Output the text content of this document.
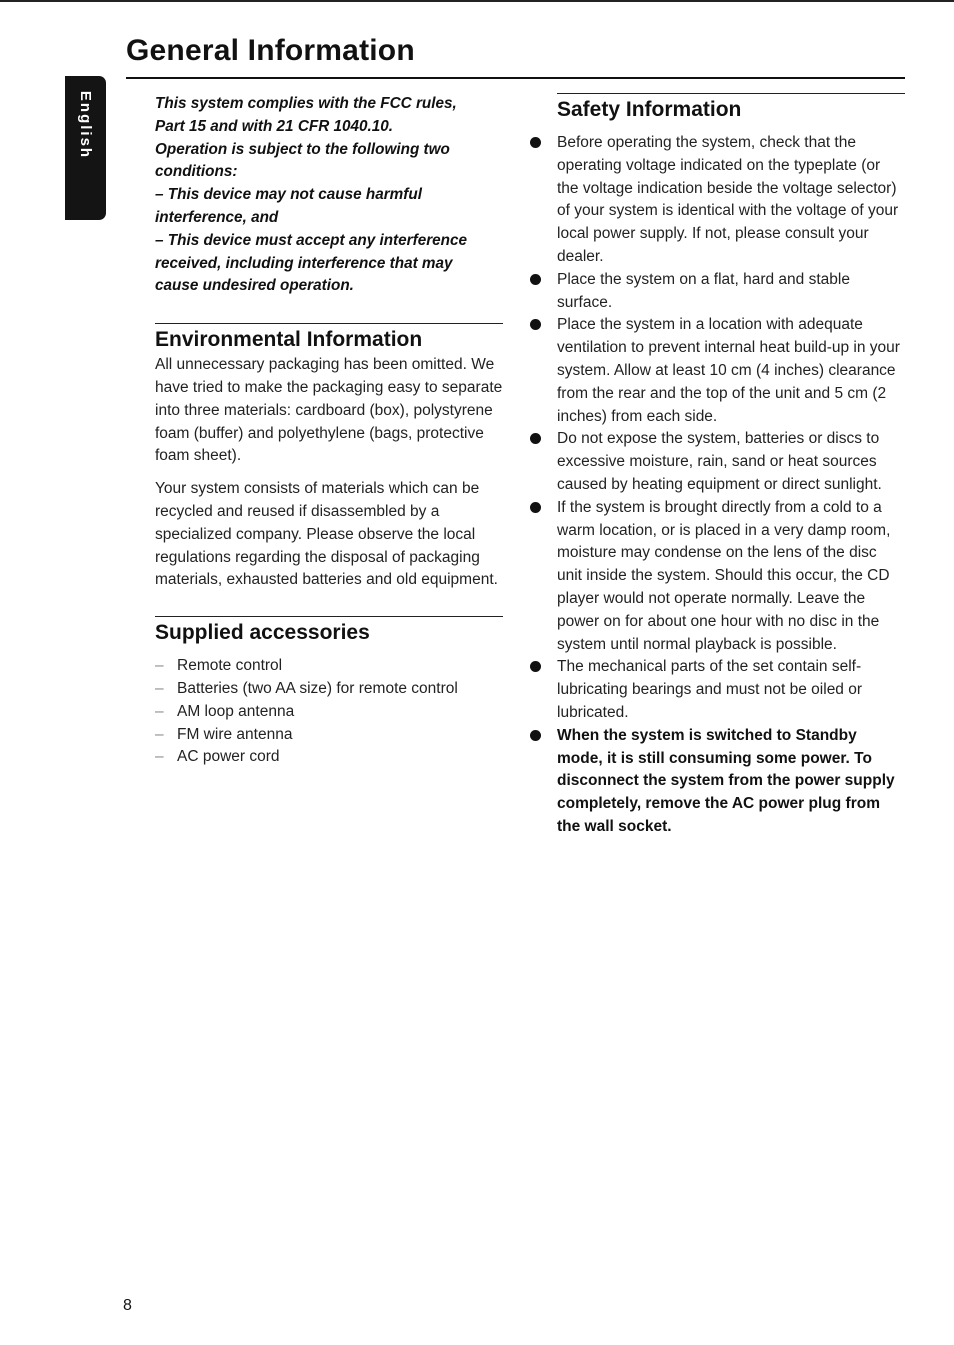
General Information
English	This system complies with the FCC rules,
Part 15 and with 21 CFR 1040.10.
Operation is subject to the following two
conditions:
– This device may not cause harmful
interference, and
– This device must accept any interference
received, including interference that may
cause undesired operation.

Environmental Information

All unnecessary packaging has been omitted. We have tried to make the packaging easy to separate into three materials: cardboard (box), polystyrene foam (buffer) and polyethylene (bags, protective foam sheet).

Your system consists of materials which can be recycled and reused if disassembled by a specialized company. Please observe the local regulations regarding the disposal of packaging materials, exhausted batteries and old equipment.

Supplied accessories
– Remote control
– Batteries (two AA size) for remote control
– AM loop antenna
– FM wire antenna
– AC power cord
Safety Information
Before operating the system, check that the operating voltage indicated on the typeplate (or the voltage indication beside the voltage selector) of your system is identical with the voltage of your local power supply. If not, please consult your dealer.
Place the system on a flat, hard and stable surface.
Place the system in a location with adequate ventilation to prevent internal heat build-up in your system. Allow at least 10 cm (4 inches) clearance from the rear and the top of the unit and 5 cm (2 inches) from each side.
Do not expose the system, batteries or discs to excessive moisture, rain, sand or heat sources caused by heating equipment or direct sunlight.
If the system is brought directly from a cold to a warm location, or is placed in a very damp room, moisture may condense on the lens of the disc unit inside the system. Should this occur, the CD player would not operate normally. Leave the power on for about one hour with no disc in the system until normal playback is possible.
The mechanical parts of the set contain self-lubricating bearings and must not be oiled or lubricated.
When the system is switched to Standby mode, it is still consuming some power. To disconnect the system from the power supply completely, remove the AC power plug from the wall socket.
8
